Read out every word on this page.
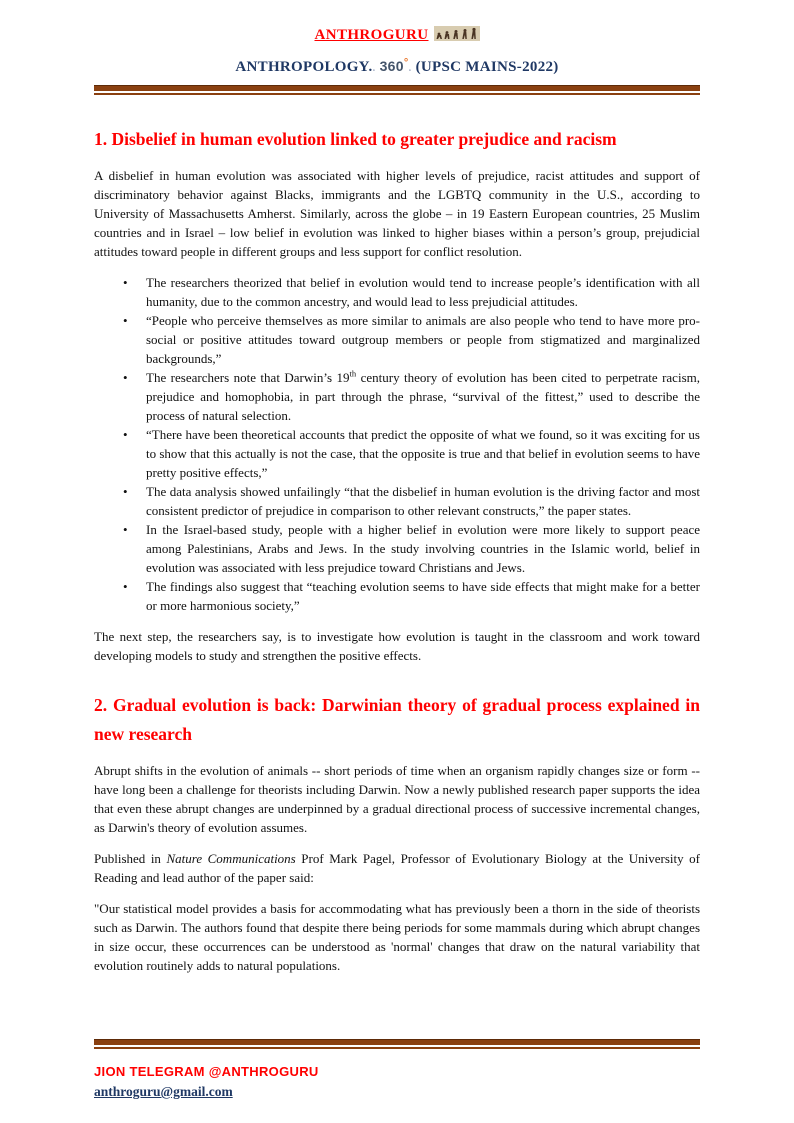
ANTHROGURU
ANTHROPOLOGY.. 360°. (UPSC MAINS-2022)
1. Disbelief in human evolution linked to greater prejudice and racism

A disbelief in human evolution was associated with higher levels of prejudice, racist attitudes and support of discriminatory behavior against Blacks, immigrants and the LGBTQ community in the U.S., according to University of Massachusetts Amherst. Similarly, across the globe – in 19 Eastern European countries, 25 Muslim countries and in Israel – low belief in evolution was linked to higher biases within a person’s group, prejudicial attitudes toward people in different groups and less support for conflict resolution.

• The researchers theorized that belief in evolution would tend to increase people’s identification with all humanity, due to the common ancestry, and would lead to less prejudicial attitudes.
• “People who perceive themselves as more similar to animals are also people who tend to have more pro-social or positive attitudes toward outgroup members or people from stigmatized and marginalized backgrounds,”
• The researchers note that Darwin’s 19th century theory of evolution has been cited to perpetrate racism, prejudice and homophobia, in part through the phrase, “survival of the fittest,” used to describe the process of natural selection.
• “There have been theoretical accounts that predict the opposite of what we found, so it was exciting for us to show that this actually is not the case, that the opposite is true and that belief in evolution seems to have pretty positive effects,”
• The data analysis showed unfailingly “that the disbelief in human evolution is the driving factor and most consistent predictor of prejudice in comparison to other relevant constructs,” the paper states.
• In the Israel-based study, people with a higher belief in evolution were more likely to support peace among Palestinians, Arabs and Jews. In the study involving countries in the Islamic world, belief in evolution was associated with less prejudice toward Christians and Jews.
• The findings also suggest that “teaching evolution seems to have side effects that might make for a better or more harmonious society,”

The next step, the researchers say, is to investigate how evolution is taught in the classroom and work toward developing models to study and strengthen the positive effects.

2. Gradual evolution is back: Darwinian theory of gradual process explained in new research

Abrupt shifts in the evolution of animals -- short periods of time when an organism rapidly changes size or form -- have long been a challenge for theorists including Darwin. Now a newly published research paper supports the idea that even these abrupt changes are underpinned by a gradual directional process of successive incremental changes, as Darwin's theory of evolution assumes.

Published in Nature Communications Prof Mark Pagel, Professor of Evolutionary Biology at the University of Reading and lead author of the paper said:

"Our statistical model provides a basis for accommodating what has previously been a thorn in the side of theorists such as Darwin. The authors found that despite there being periods for some mammals during which abrupt changes in size occur, these occurrences can be understood as 'normal' changes that draw on the natural variability that evolution routinely adds to natural populations.

JION TELEGRAM @ANTHROGURU
anthroguru@gmail.com
